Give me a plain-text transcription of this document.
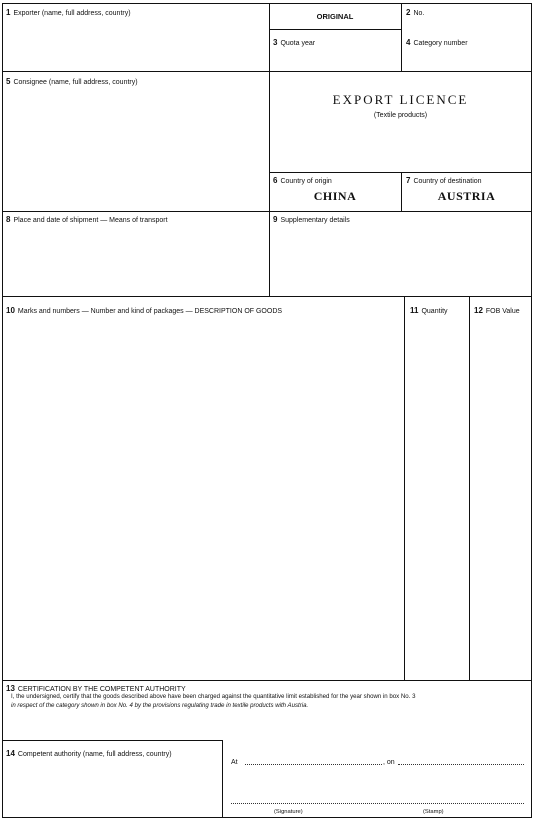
1 Exporter (name, full address, country)	ORIGINAL	2 No.
3 Quota year	4 Category number
5 Consignee (name, full address, country)
EXPORT LICENCE
(Textile products)
6 Country of origin
CHINA
7 Country of destination
AUSTRIA
8 Place and date of shipment — Means of transport	9 Supplementary details
10 Marks and numbers — Number and kind of packages — DESCRIPTION OF GOODS	11 Quantity	12 FOB Value
13 CERTIFICATION BY THE COMPETENT AUTHORITY
I, the undersigned, certify that the goods described above have been charged against the quantitative limit established for the year shown in box No. 3
in respect of the category shown in box No. 4 by the provisions regulating trade in textile products with Austria.
14 Competent authority (name, full address, country)
At	, on
(Signature)	(Stamp)
